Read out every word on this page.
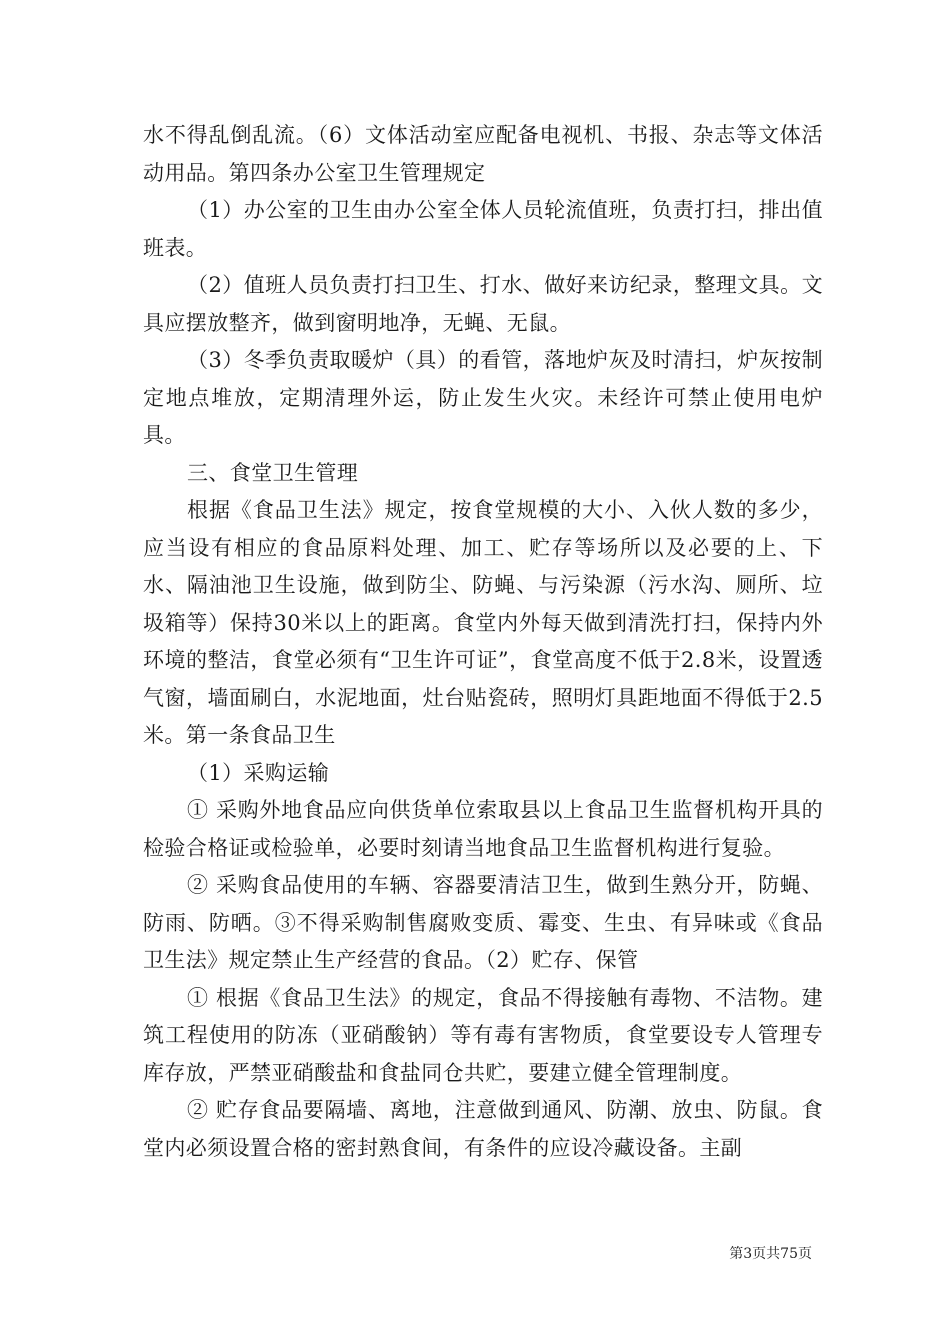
水不得乱倒乱流。（6）文体活动室应配备电视机、书报、杂志等文体活动用品。第四条办公室卫生管理规定

（1）办公室的卫生由办公室全体人员轮流值班，负责打扫，排出值班表。

（2）值班人员负责打扫卫生、打水、做好来访纪录，整理文具。文具应摆放整齐，做到窗明地净，无蝇、无鼠。

（3）冬季负责取暖炉（具）的看管，落地炉灰及时清扫，炉灰按制定地点堆放，定期清理外运，防止发生火灾。未经许可禁止使用电炉具。

三、食堂卫生管理

根据《食品卫生法》规定，按食堂规模的大小、入伙人数的多少，应当设有相应的食品原料处理、加工、贮存等场所以及必要的上、下水、隔油池卫生设施，做到防尘、防蝇、与污染源（污水沟、厕所、垃圾箱等）保持30米以上的距离。食堂内外每天做到清洗打扫，保持内外环境的整洁，食堂必须有“卫生许可证”，食堂高度不低于2.8米，设置透气窗，墙面刷白，水泥地面，灶台贴瓷砖，照明灯具距地面不得低于2.5米。第一条食品卫生

（1）采购运输

① 采购外地食品应向供货单位索取县以上食品卫生监督机构开具的检验合格证或检验单，必要时刻请当地食品卫生监督机构进行复验。

② 采购食品使用的车辆、容器要清洁卫生，做到生熟分开，防蝇、防雨、防晒。③不得采购制售腐败变质、霉变、生虫、有异味或《食品卫生法》规定禁止生产经营的食品。（2）贮存、保管

① 根据《食品卫生法》的规定，食品不得接触有毒物、不洁物。建筑工程使用的防冻（亚硝酸钠）等有毒有害物质，食堂要设专人管理专库存放，严禁亚硝酸盐和食盐同仓共贮，要建立健全管理制度。

② 贮存食品要隔墙、离地，注意做到通风、防潮、放虫、防鼠。食堂内必须设置合格的密封熟食间，有条件的应设冷藏设备。主副

第3页共75页
